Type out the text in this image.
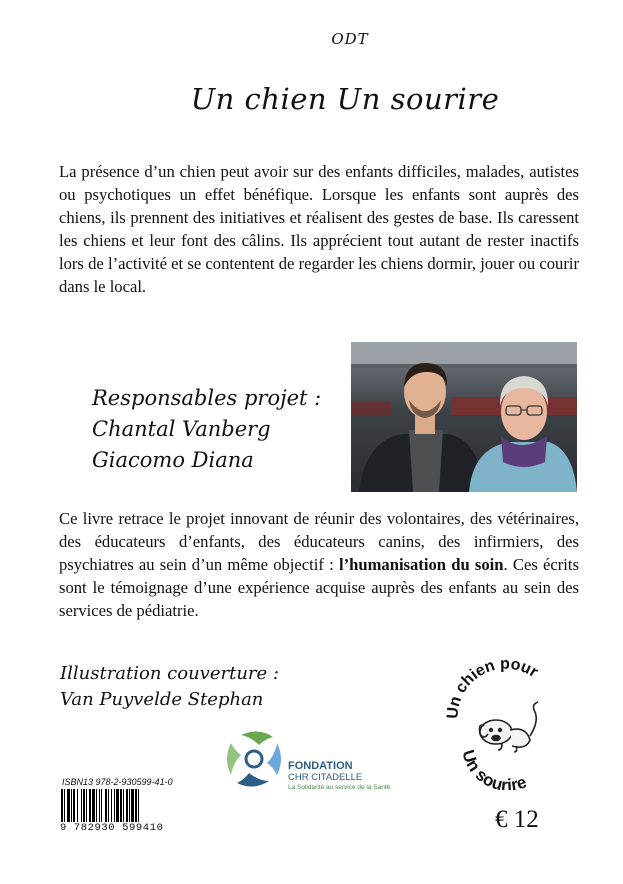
ODT
Un chien Un sourire
La présence d’un chien peut avoir sur des enfants difficiles, malades, autistes ou psychotiques un effet bénéfique. Lorsque les enfants sont auprès des chiens, ils prennent des initiatives et réalisent des gestes de base. Ils caressent les chiens et leur font des câlins. Ils apprécient tout autant de rester inactifs lors de l’activité et se contentent de regarder les chiens dormir, jouer ou courir dans le local.
Responsables projet :
Chantal Vanberg
Giacomo Diana
Ce livre retrace le projet innovant de réunir des volontaires, des vétérinaires, des éducateurs d’enfants, des éducateurs canins, des infirmiers, des psychiatres au sein d’un même objectif : l’humanisation du soin. Ces écrits sont le témoignage d’une expérience acquise auprès des enfants au sein des services de pédiatrie.
Illustration couverture :
Van Puyvelde Stephan
FONDATION
CHR CITADELLE
La Solidarité au service de la Santé
Un chien pour
Un sourire
ISBN13 978-2-930599-41-0
9 782930 599410	€ 12
